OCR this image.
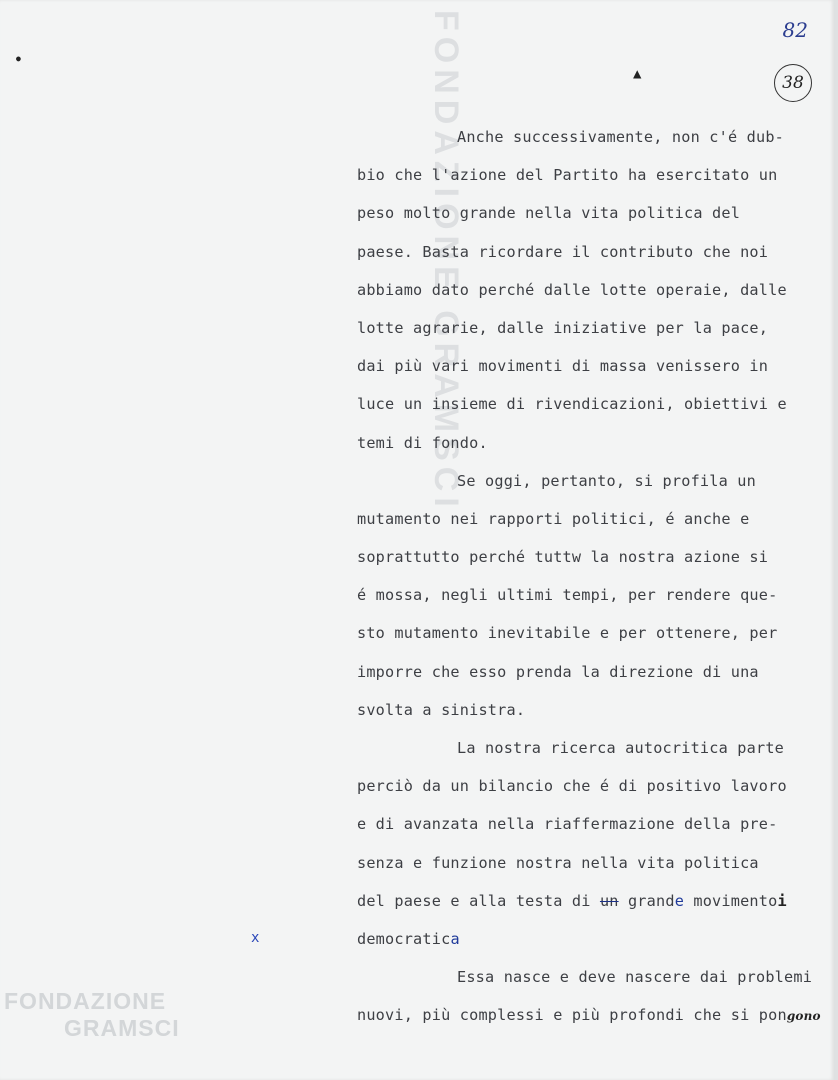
FONDAZIONE GRAMSCI	82
38
▲
●
Anche successivamente, non c'é dub-
bio che l'azione del Partito ha esercitato un
peso molto grande nella vita politica del
paese. Basta ricordare il contributo che noi
abbiamo dato perché dalle lotte operaie, dalle
lotte agrarie, dalle iniziative per la pace,
dai più vari movimenti di massa venissero in
luce un insieme di rivendicazioni, obiettivi e
temi di fondo.
Se oggi, pertanto, si profila un
mutamento nei rapporti politici, é anche e
soprattutto perché tuttw la nostra azione si
é mossa, negli ultimi tempi, per rendere que-
sto mutamento inevitabile e per ottenere, per
imporre che esso prenda la direzione di una
svolta a sinistra.
La nostra ricerca autocritica parte
perciò da un bilancio che é di positivo lavoro
e di avanzata nella riaffermazione della pre-
senza e funzione nostra nella vita politica
del paese e alla testa di un grande movimentoi
democratica
Essa nasce e deve nascere dai problemi
nuovi, più complessi e più profondi che si pongono
x
FONDAZIONE
GRAMSCI
